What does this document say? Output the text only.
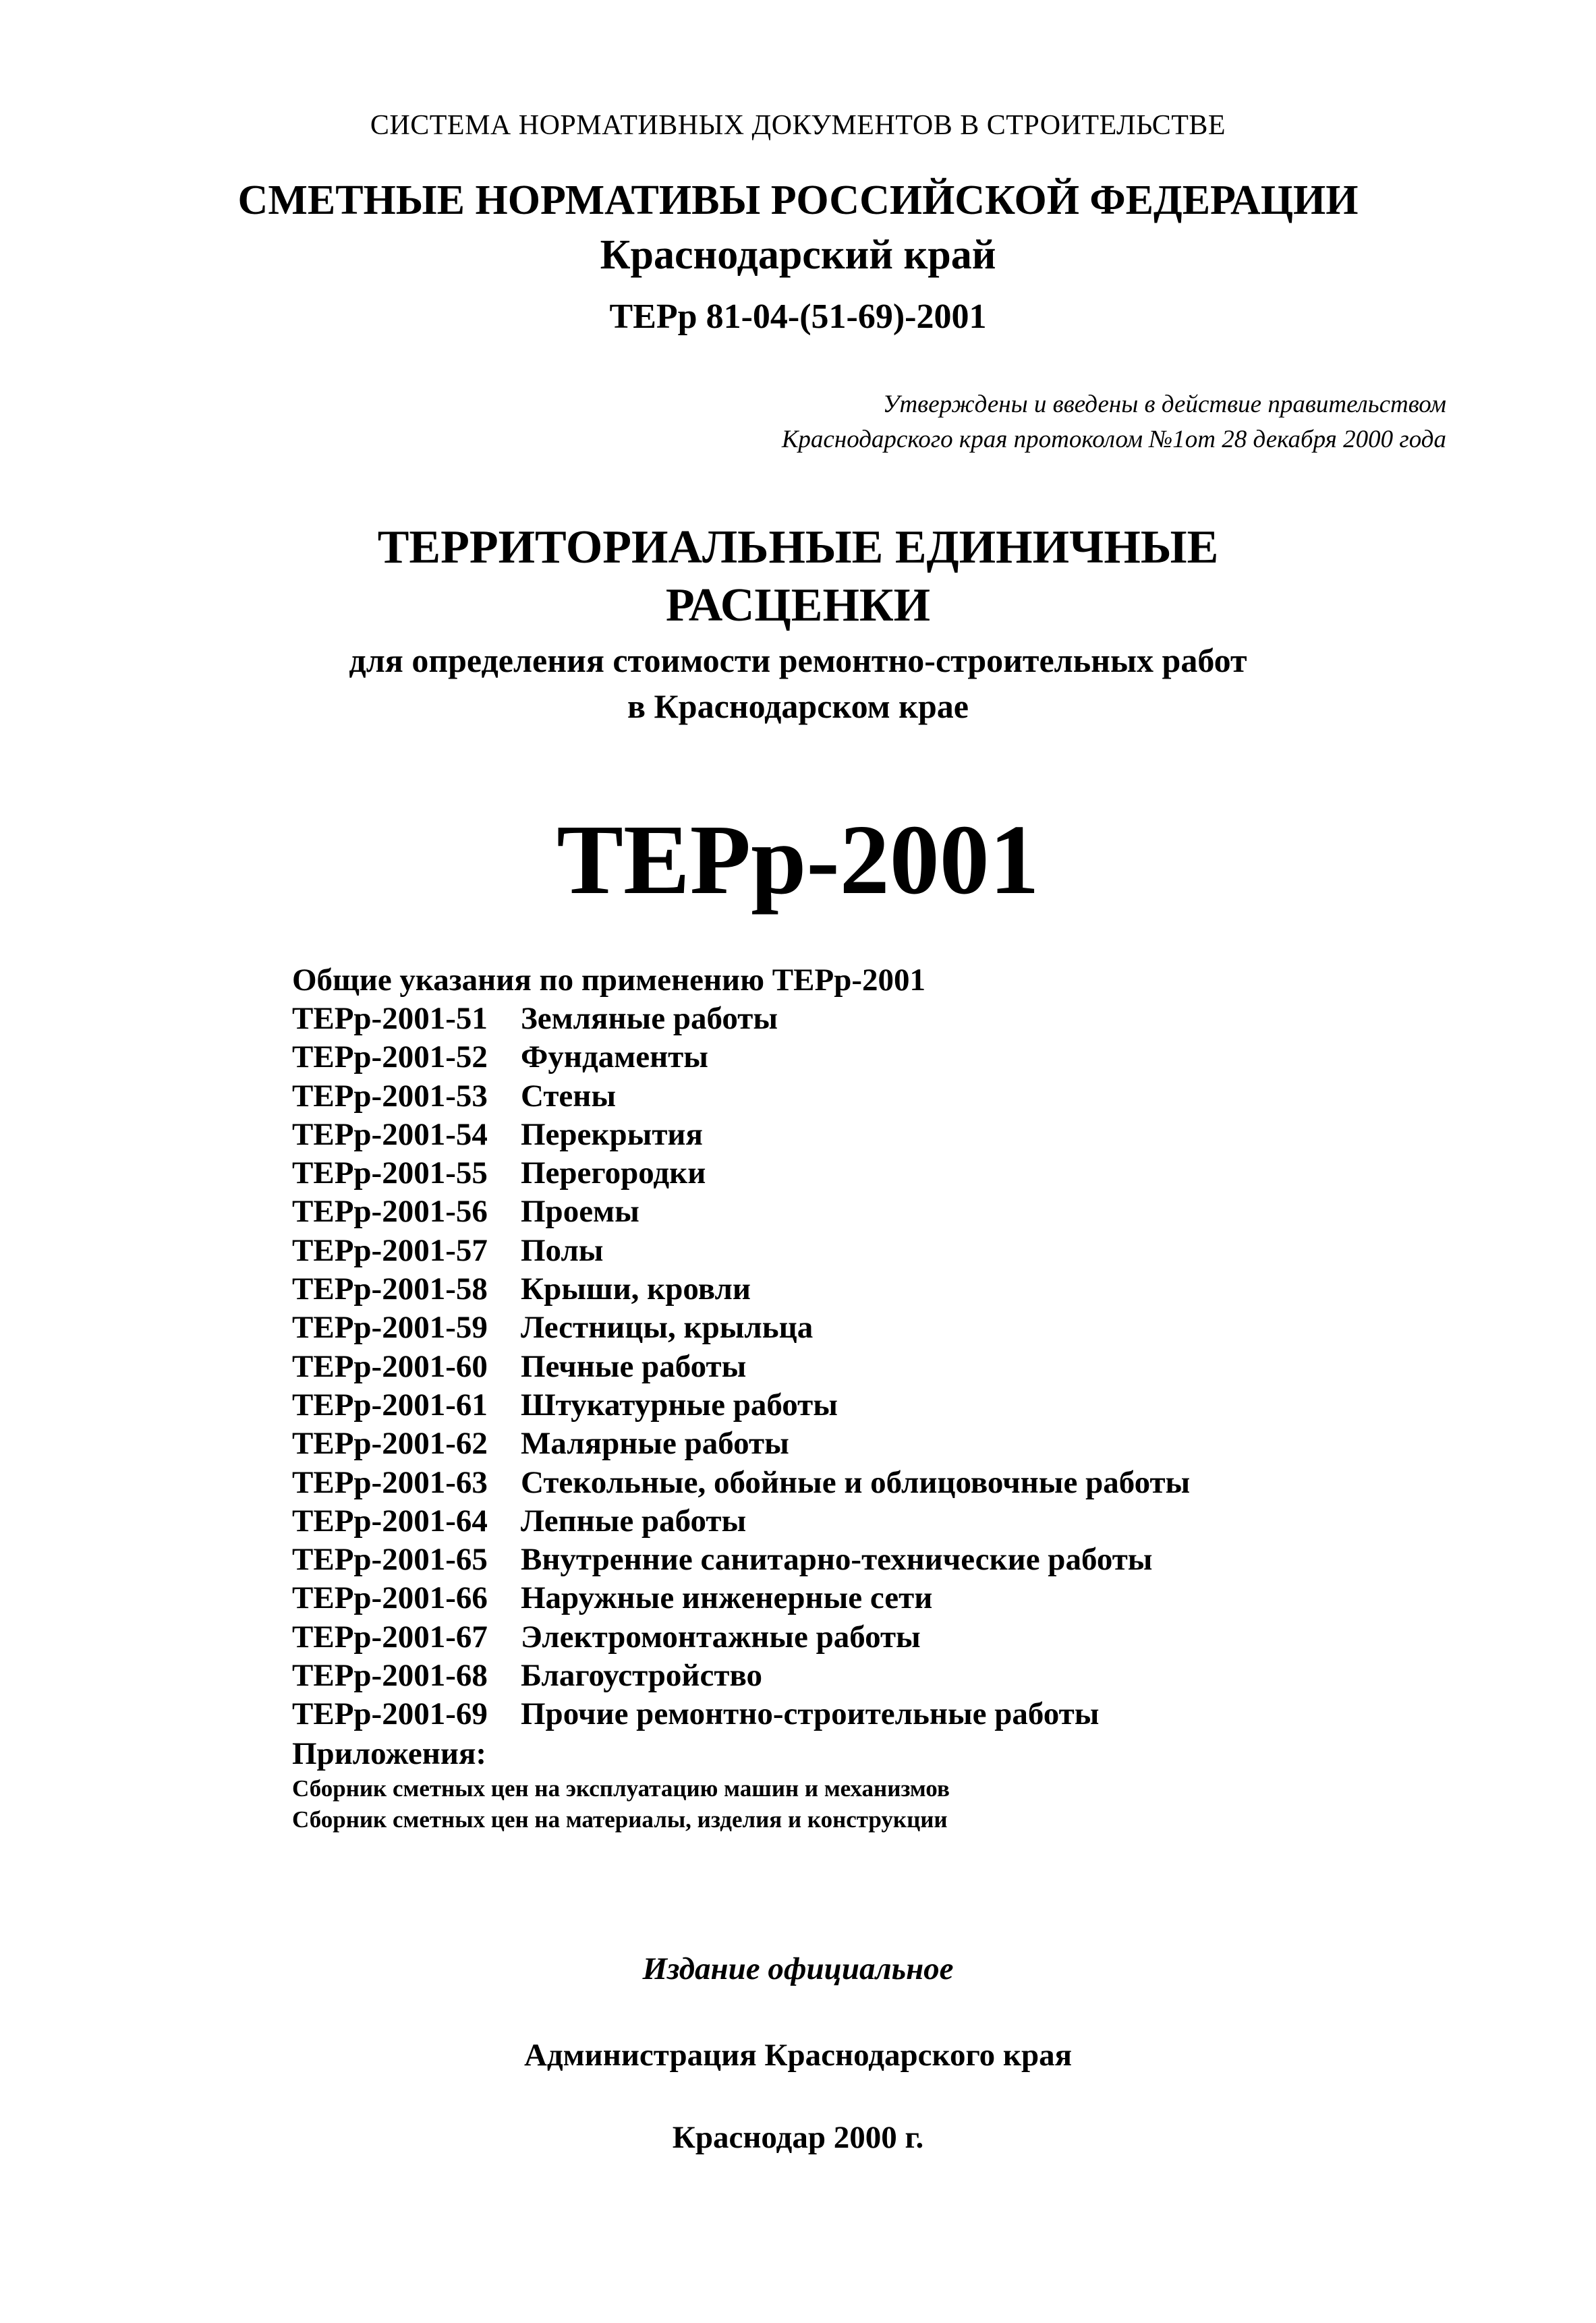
СИСТЕМА НОРМАТИВНЫХ ДОКУМЕНТОВ В СТРОИТЕЛЬСТВЕ
СМЕТНЫЕ НОРМАТИВЫ РОССИЙСКОЙ ФЕДЕРАЦИИ
Краснодарский край
ТЕРр 81-04-(51-69)-2001
Утверждены и введены в действие правительством
Краснодарского края протоколом №1от 28 декабря 2000 года
ТЕРРИТОРИАЛЬНЫЕ ЕДИНИЧНЫЕ
РАСЦЕНКИ
для определения стоимости ремонтно-строительных работ
в Краснодарском крае
ТЕРр-2001
Общие указания по применению ТЕРр-2001
ТЕРр-2001-51	Земляные работы
ТЕРр-2001-52	Фундаменты
ТЕРр-2001-53	Стены
ТЕРр-2001-54	Перекрытия
ТЕРр-2001-55	Перегородки
ТЕРр-2001-56	Проемы
ТЕРр-2001-57	Полы
ТЕРр-2001-58	Крыши, кровли
ТЕРр-2001-59	Лестницы, крыльца
ТЕРр-2001-60	Печные работы
ТЕРр-2001-61	Штукатурные работы
ТЕРр-2001-62	Малярные работы
ТЕРр-2001-63	Стекольные, обойные и облицовочные работы
ТЕРр-2001-64	Лепные работы
ТЕРр-2001-65	Внутренние санитарно-технические работы
ТЕРр-2001-66	Наружные инженерные сети
ТЕРр-2001-67	Электромонтажные работы
ТЕРр-2001-68	Благоустройство
ТЕРр-2001-69	Прочие ремонтно-строительные работы
Приложения:
Сборник сметных цен на эксплуатацию машин и механизмов
Сборник сметных цен на материалы, изделия и конструкции
Издание официальное
Администрация Краснодарского края
Краснодар 2000 г.
